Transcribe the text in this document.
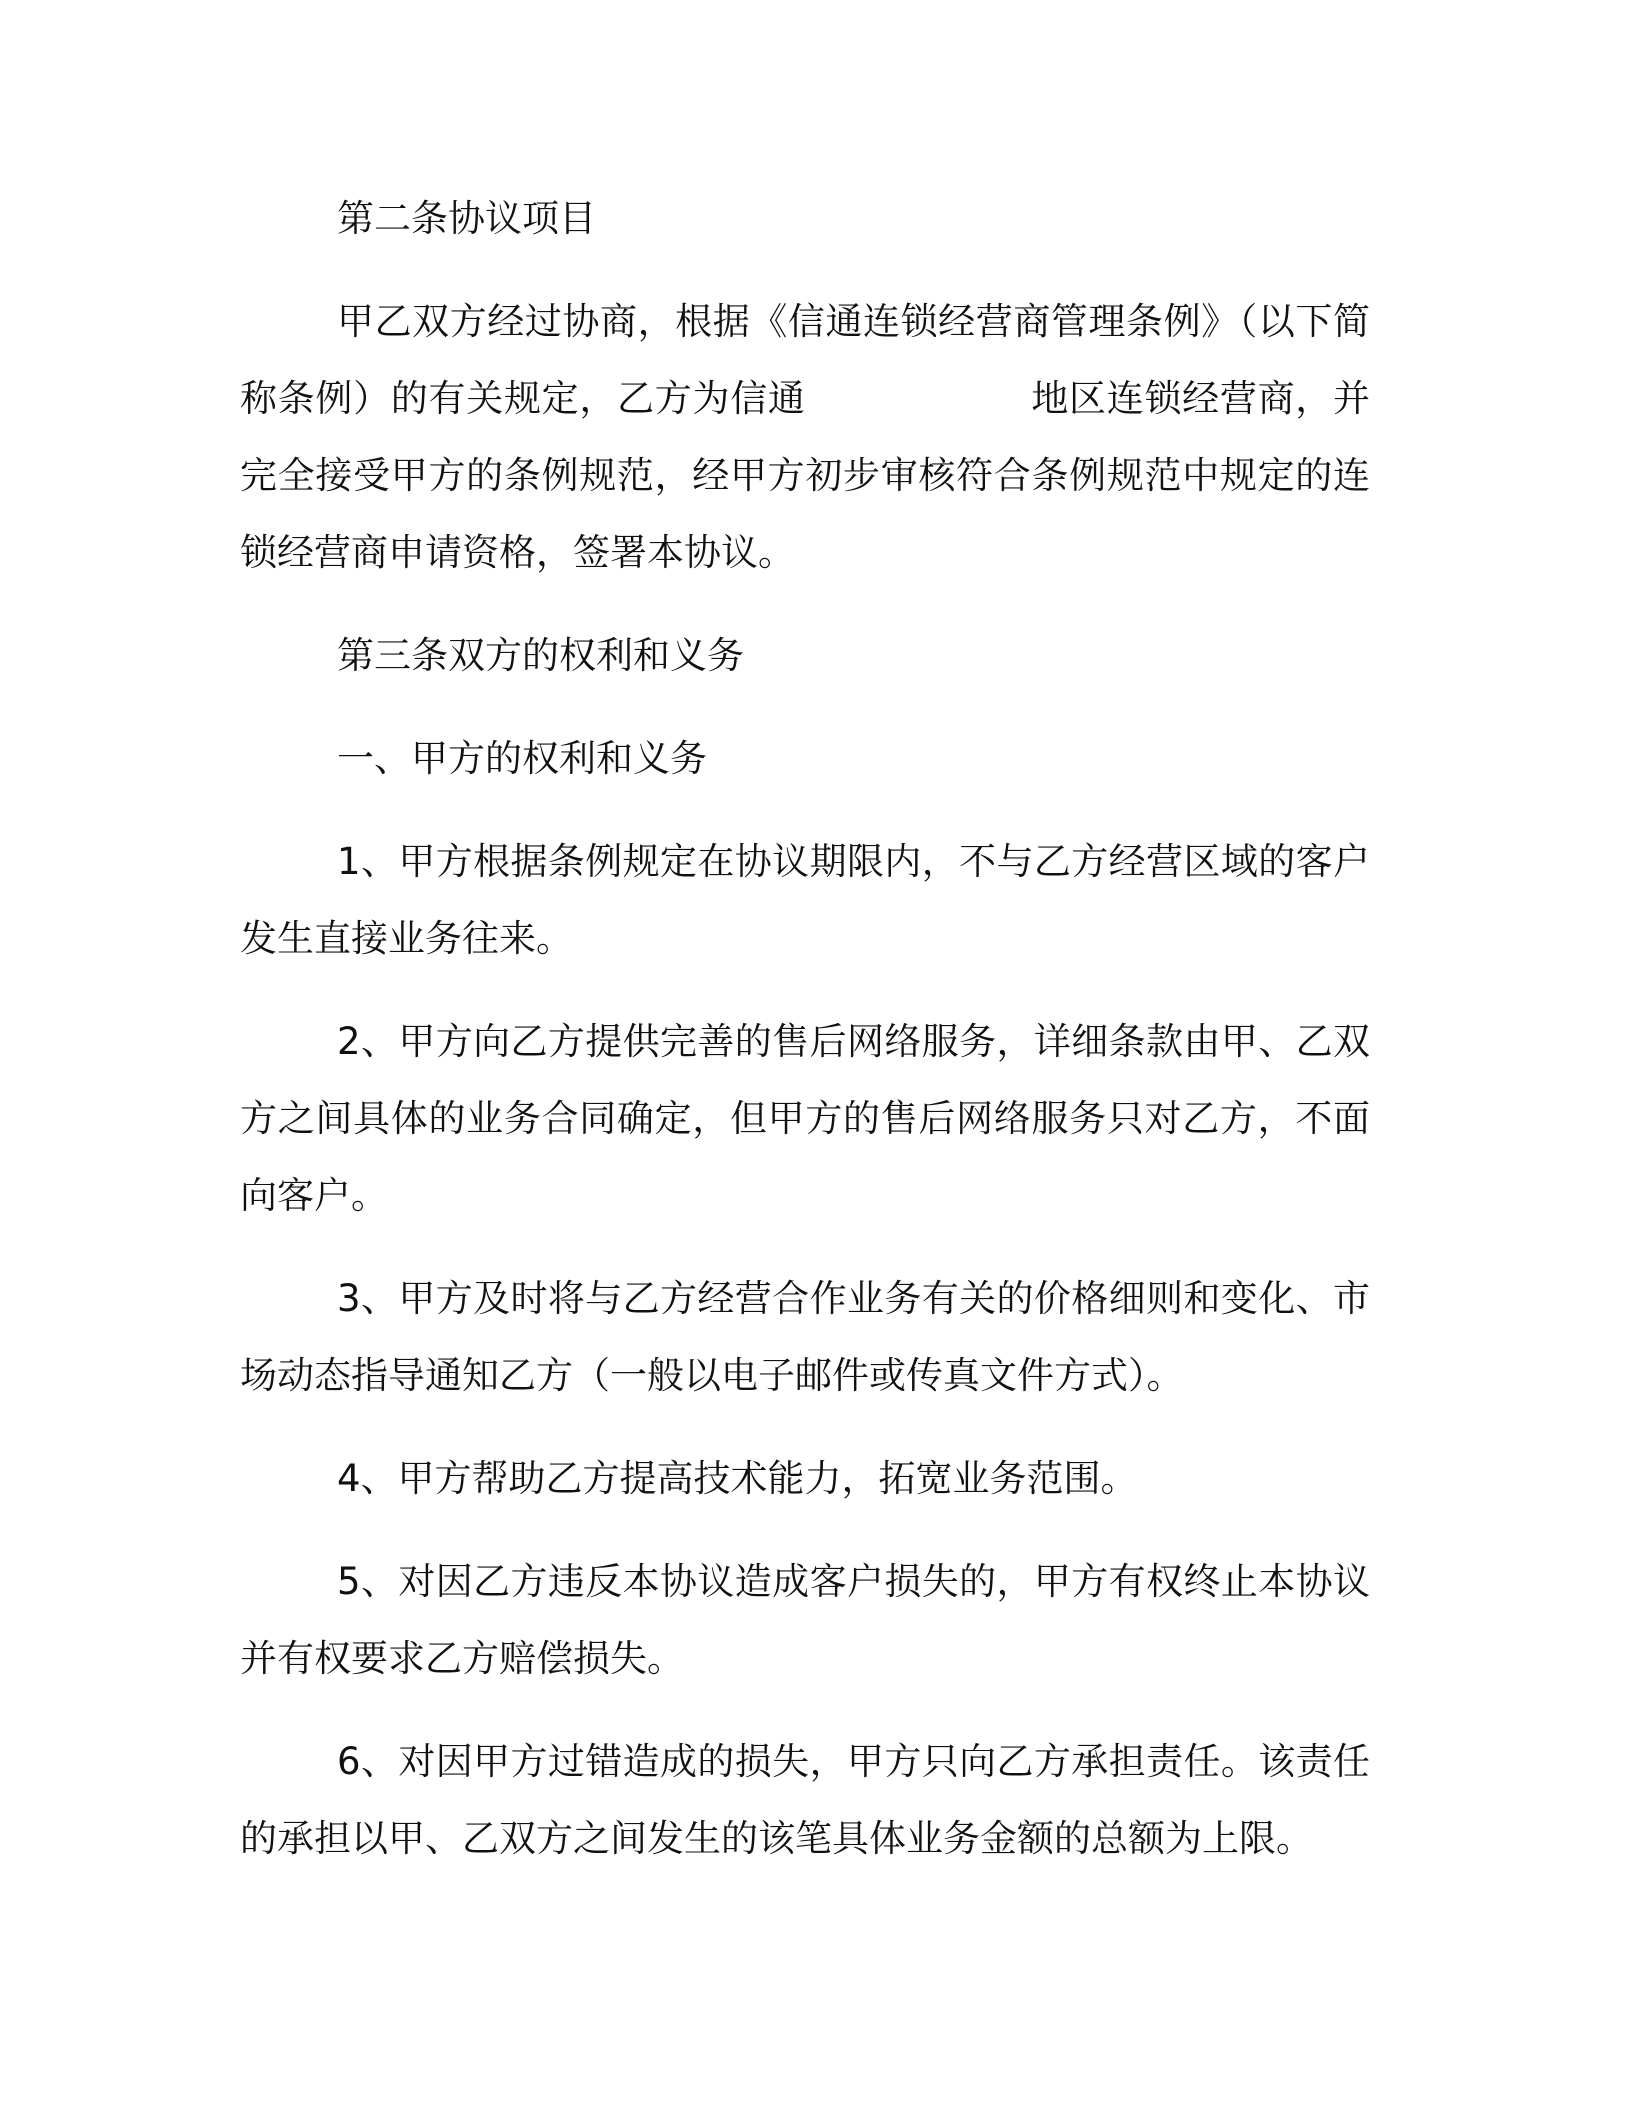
第二条协议项目

甲乙双方经过协商，根据《信通连锁经营商管理条例》（以下简称条例）的有关规定，乙方为信通	地区连锁经营商，并完全接受甲方的条例规范，经甲方初步审核符合条例规范中规定的连锁经营商申请资格，签署本协议。

第三条双方的权利和义务

一、甲方的权利和义务

1、甲方根据条例规定在协议期限内，不与乙方经营区域的客户发生直接业务往来。

2、甲方向乙方提供完善的售后网络服务，详细条款由甲、乙双方之间具体的业务合同确定，但甲方的售后网络服务只对乙方，不面向客户。

3、甲方及时将与乙方经营合作业务有关的价格细则和变化、市场动态指导通知乙方（一般以电子邮件或传真文件方式）。

4、甲方帮助乙方提高技术能力，拓宽业务范围。

5、对因乙方违反本协议造成客户损失的，甲方有权终止本协议并有权要求乙方赔偿损失。

6、对因甲方过错造成的损失，甲方只向乙方承担责任。该责任的承担以甲、乙双方之间发生的该笔具体业务金额的总额为上限。
